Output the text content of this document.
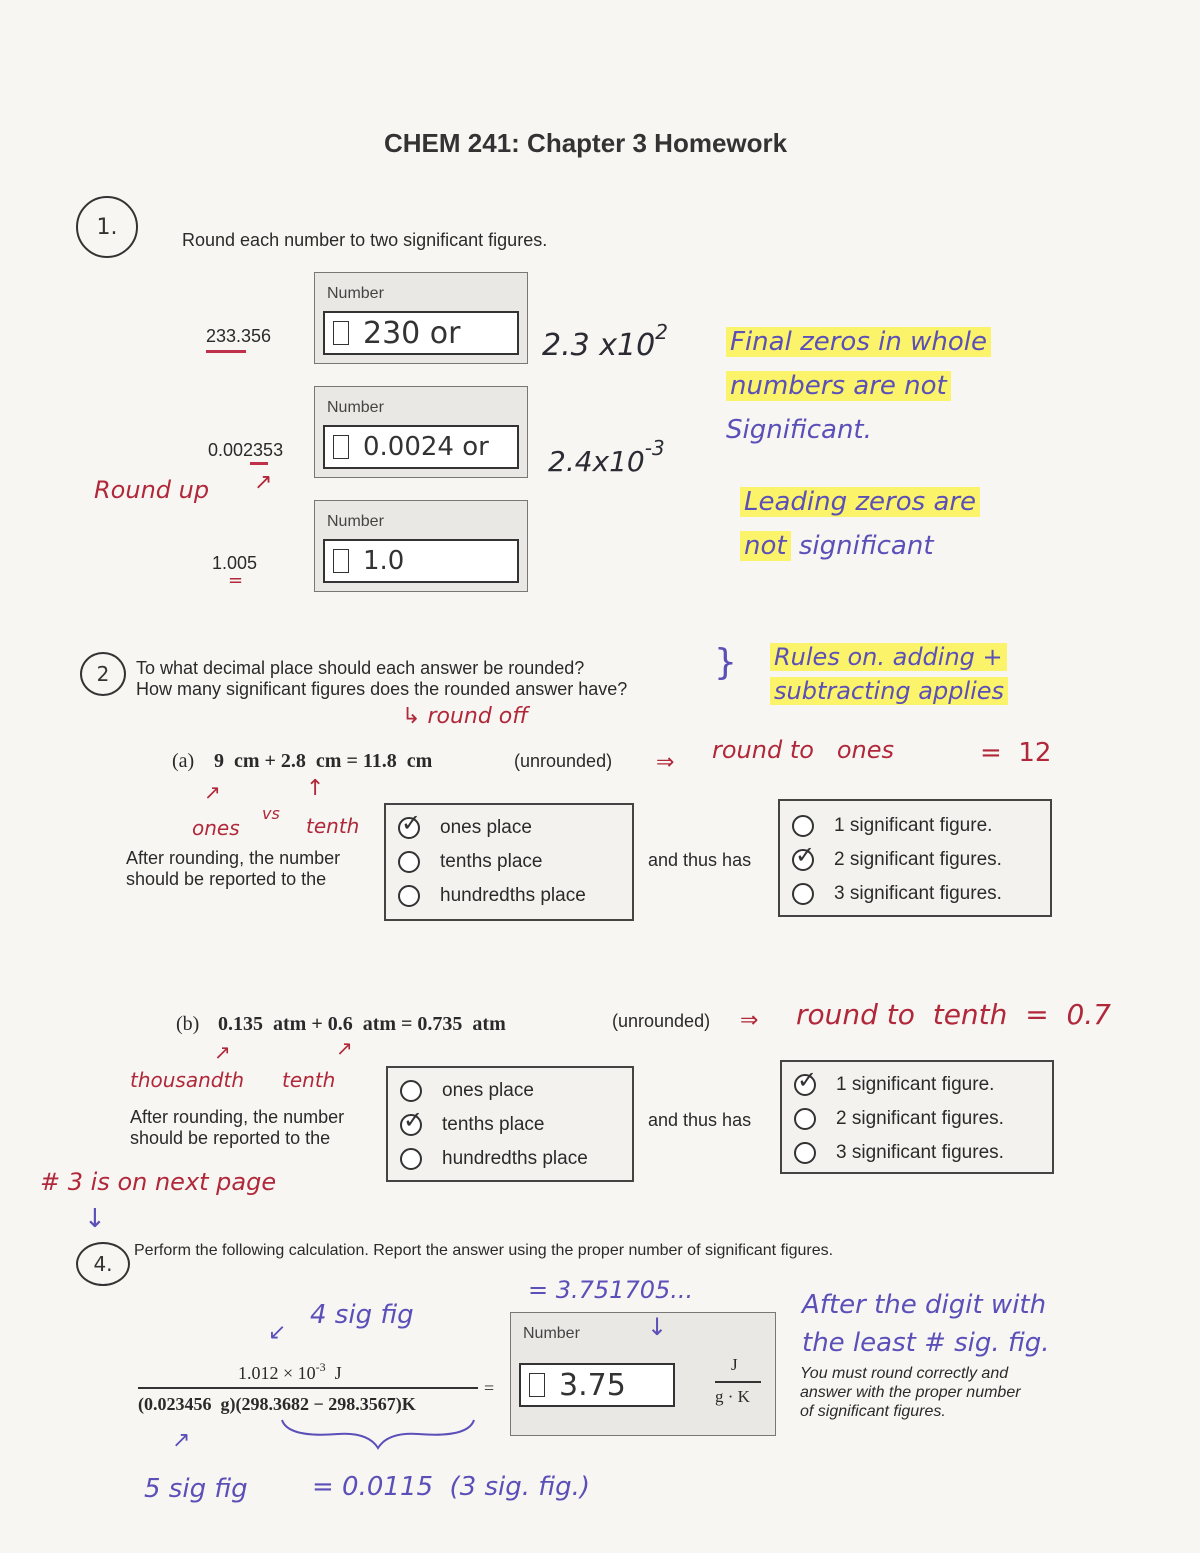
CHEM 241: Chapter 3 Homework
1.
Round each number to two significant figures.
233.356
Number
230 or	2.3 $x10^2$
0.002353
↗
Number
0.0024 or $2.4x10^{-3}$
Round up
1.005
=
Number
1.0
Final zeros in whole
numbers are not
Significant.
Leading zeros are
not significant
2	To what decimal place should each answer be rounded?
How many significant figures does the rounded answer have?
} Rules on. adding +
subtracting applies
↳ round off
(a) 9  cm + 2.8  cm = 11.8  cm	(unrounded) ⇒ round to   ones	=  12
↗	↑
ones
vs
tenth
After rounding, the number
should be reported to the
✓
ones place
tenths place
hundredths place
and thus has
1 significant figure.
✓
2 significant figures.
3 significant figures.
(b) 0.135  atm + 0.6  atm = 0.735  atm	(unrounded) ⇒ round to  tenth  =  0.7
↗	↗
thousandth tenth
After rounding, the number
should be reported to the
ones place
✓
tenths place
hundredths place
and thus has
✓
1 significant figure.
2 significant figures.
3 significant figures.
# 3 is on next page
↓
4.
Perform the following calculation. Report the answer using the proper number of significant figures.
= 3.751705...
↙
4 sig fig
$1.012 \times 10^{-3}$ J
(0.023456  g)(298.3682 − 298.3567)K
=
Number
3.75
J
g · K
↓
After the digit with
the least # sig. fig.
You must round correctly and
answer with the proper number
of significant figures.
↗
5 sig fig = 0.0115  (3 sig. fig.)
